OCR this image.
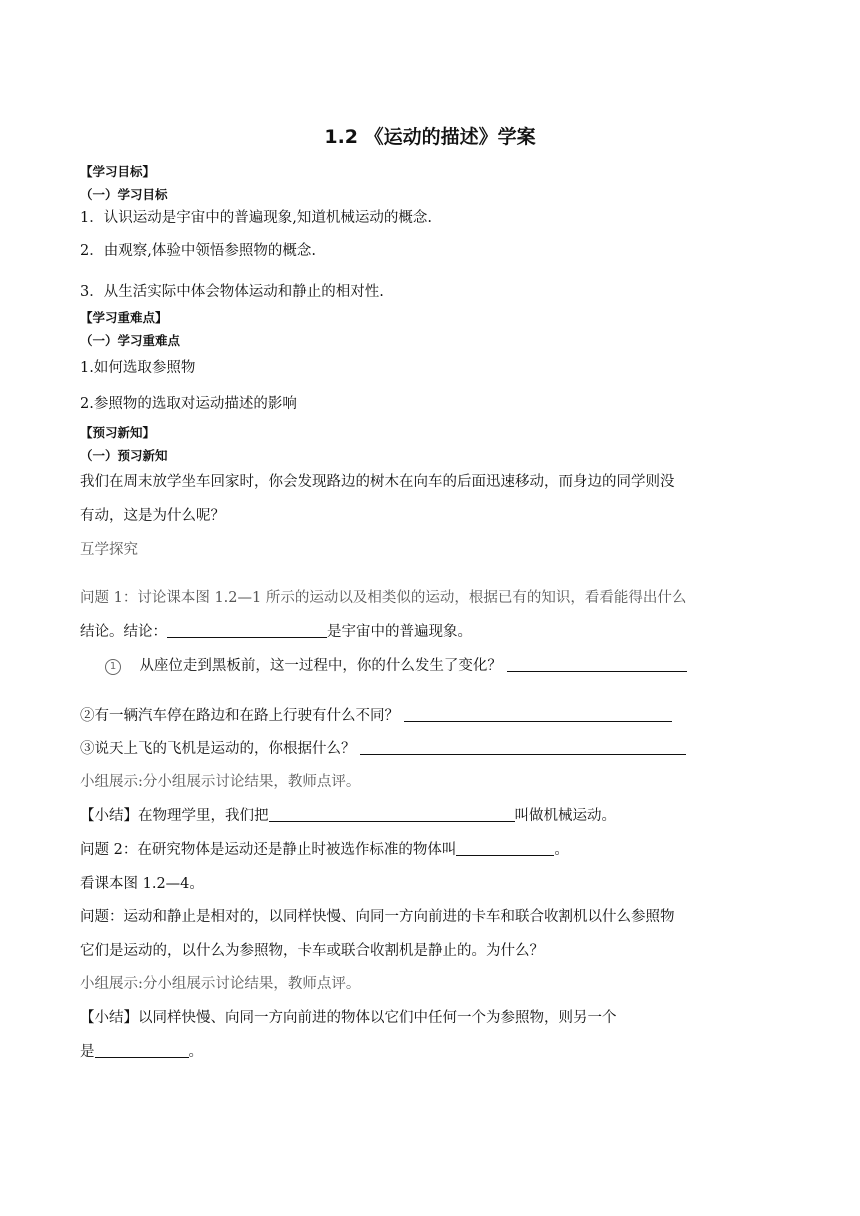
1.2 《运动的描述》学案
【学习目标】
（一）学习目标
1．认识运动是宇宙中的普遍现象,知道机械运动的概念.
2．由观察,体验中领悟参照物的概念.
3．从生活实际中体会物体运动和静止的相对性.
【学习重难点】
（一）学习重难点
1.如何选取参照物
2.参照物的选取对运动描述的影响
【预习新知】
（一）预习新知
我们在周末放学坐车回家时，你会发现路边的树木在向车的后面迅速移动，而身边的同学则没
有动，这是为什么呢？
互学探究
问题 1：讨论课本图 1.2—1 所示的运动以及相类似的运动，根据已有的知识，看看能得出什么
结论。结论：	是宇宙中的普遍现象。
1 从座位走到黑板前，这一过程中，你的什么发生了变化？
②有一辆汽车停在路边和在路上行驶有什么不同？
③说天上飞的飞机是运动的，你根据什么？
小组展示:分小组展示讨论结果，教师点评。
【小结】在物理学里，我们把	叫做机械运动。
问题 2：在研究物体是运动还是静止时被选作标准的物体叫	。
看课本图 1.2—4。
问题：运动和静止是相对的，以同样快慢、向同一方向前进的卡车和联合收割机以什么参照物
它们是运动的，以什么为参照物，卡车或联合收割机是静止的。为什么？
小组展示:分小组展示讨论结果，教师点评。
【小结】以同样快慢、向同一方向前进的物体以它们中任何一个为参照物，则另一个
是	。
